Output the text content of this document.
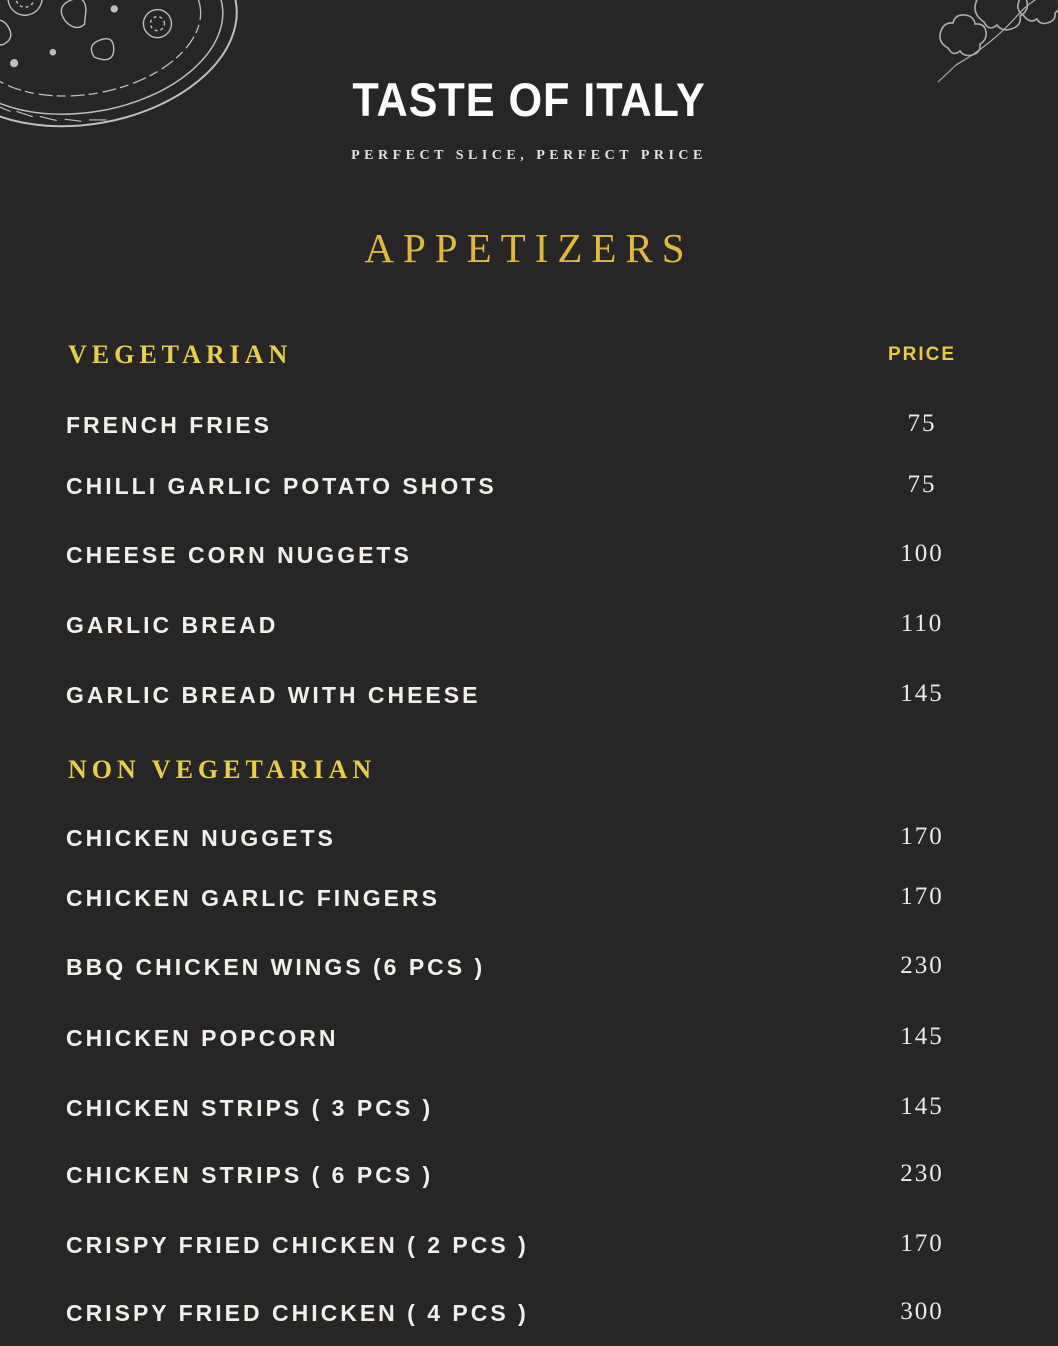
TASTE OF ITALY
PERFECT SLICE, PERFECT PRICE
APPETIZERS
VEGETARIAN	PRICE
FRENCH FRIES	75
CHILLI GARLIC POTATO SHOTS	75
CHEESE CORN NUGGETS	100
GARLIC BREAD	110
GARLIC BREAD WITH CHEESE	145
NON VEGETARIAN
CHICKEN NUGGETS	170
CHICKEN GARLIC FINGERS	170
BBQ CHICKEN WINGS (6 PCS )	230
CHICKEN POPCORN	145
CHICKEN STRIPS ( 3 PCS )	145
CHICKEN STRIPS ( 6 PCS )	230
CRISPY FRIED CHICKEN ( 2 PCS )	170
CRISPY FRIED CHICKEN ( 4 PCS )	300
